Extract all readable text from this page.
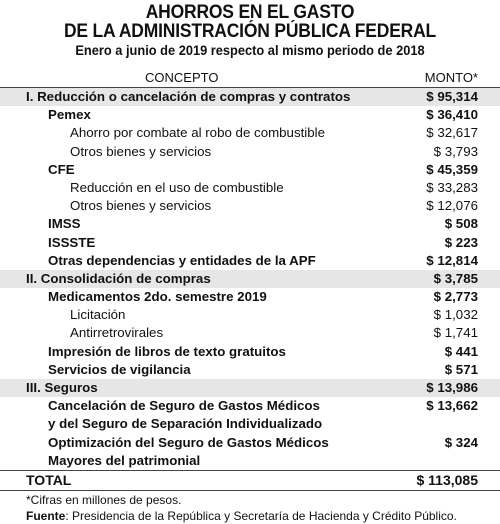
AHORROS EN EL GASTO
DE LA ADMINISTRACIÓN PÚBLICA FEDERAL
Enero a junio de 2019 respecto al mismo periodo de 2018
CONCEPTO	MONTO*
I. Reducción o cancelación de compras y contratos	$ 95,314
Pemex	$ 36,410
Ahorro por combate al robo de combustible	$ 32,617
Otros bienes y servicios	$ 3,793
CFE	$ 45,359
Reducción en el uso de combustible	$ 33,283
Otros bienes y servicios	$ 12,076
IMSS	$ 508
ISSSTE	$ 223
Otras dependencias y entidades de la APF	$ 12,814
II. Consolidación de compras	$ 3,785
Medicamentos 2do. semestre 2019	$ 2,773
Licitación	$ 1,032
Antirretrovirales	$ 1,741
Impresión de libros de texto gratuitos	$ 441
Servicios de vigilancia	$ 571
III. Seguros	$ 13,986
Cancelación de Seguro de Gastos Médicos	$ 13,662
y del Seguro de Separación Individualizado
Optimización del Seguro de Gastos Médicos	$ 324
Mayores del patrimonial
TOTAL	$ 113,085
*Cifras en millones de pesos.
Fuente: Presidencia de la República y Secretaría de Hacienda y Crédito Público.
